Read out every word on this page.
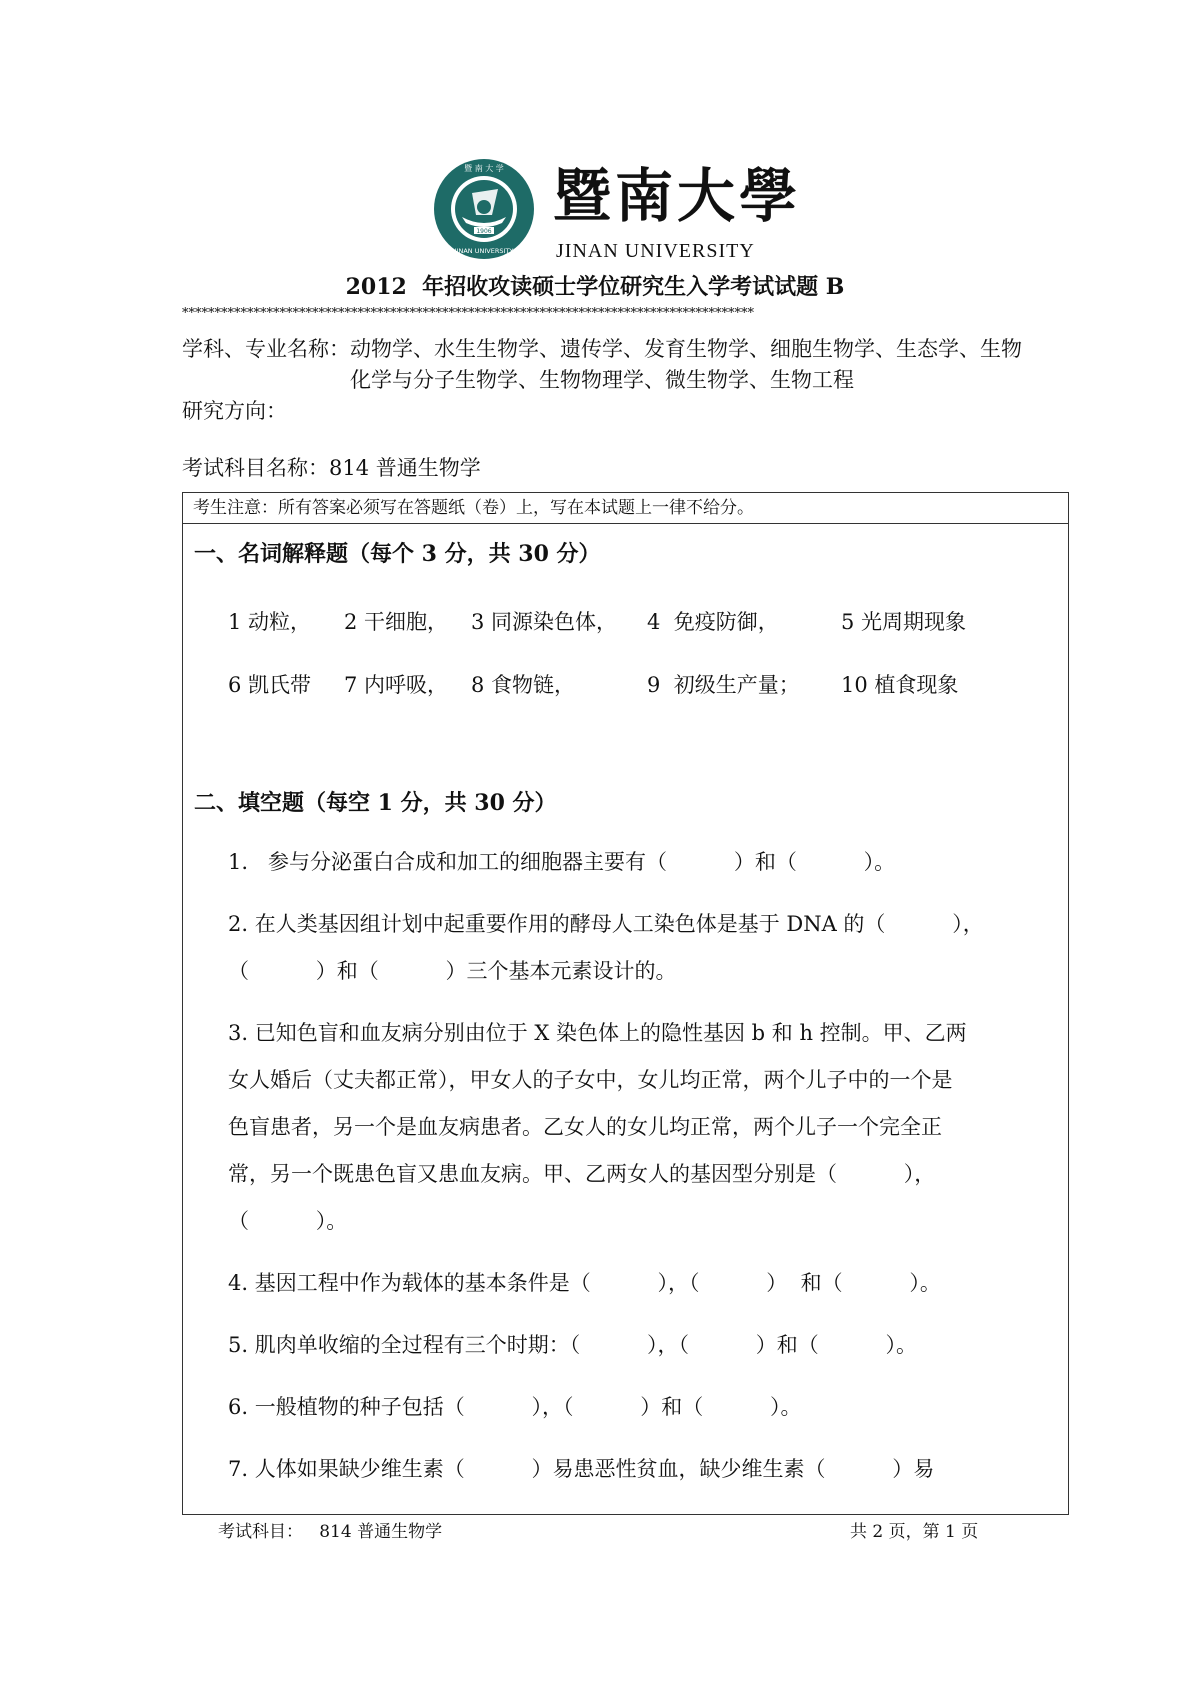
1906
暨 南 大 学
JINAN UNIVERSITY
暨南大學
JINAN UNIVERSITY
2012  年招收攻读硕士学位研究生入学考试试题 B
****************************************************************************************
学科、专业名称：动物学、水生生物学、遗传学、发育生物学、细胞生物学、生态学、生物
化学与分子生物学、生物物理学、微生物学、生物工程
研究方向：
考试科目名称：814 普通生物学
考生注意：所有答案必须写在答题纸（卷）上，写在本试题上一律不给分。
一、名词解释题（每个 3 分，共 30 分）
1 动粒，	2 干细胞，	3 同源染色体，	4  免疫防御，	5 光周期现象
6 凯氏带	7 内呼吸，	8 食物链，	9  初级生产量；	10 植食现象
二、填空题（每空 1 分，共 30 分）
1.   参与分泌蛋白合成和加工的细胞器主要有（          ）和（          ）。
2. 在人类基因组计划中起重要作用的酵母人工染色体是基于 DNA 的（          ），
（          ）和（          ）三个基本元素设计的。
3. 已知色盲和血友病分别由位于 X 染色体上的隐性基因 b 和 h 控制。甲、乙两
女人婚后（丈夫都正常），甲女人的子女中，女儿均正常，两个儿子中的一个是
色盲患者，另一个是血友病患者。乙女人的女儿均正常，两个儿子一个完全正
常，另一个既患色盲又患血友病。甲、乙两女人的基因型分别是（          ），
（          ）。
4. 基因工程中作为载体的基本条件是（          ），（          ）  和（          ）。
5. 肌肉单收缩的全过程有三个时期：（          ），（          ）和（          ）。
6. 一般植物的种子包括（          ），（          ）和（          ）。
7. 人体如果缺少维生素（          ）易患恶性贫血，缺少维生素（          ）易
考试科目：   814 普通生物学	共 2 页，第 1 页
